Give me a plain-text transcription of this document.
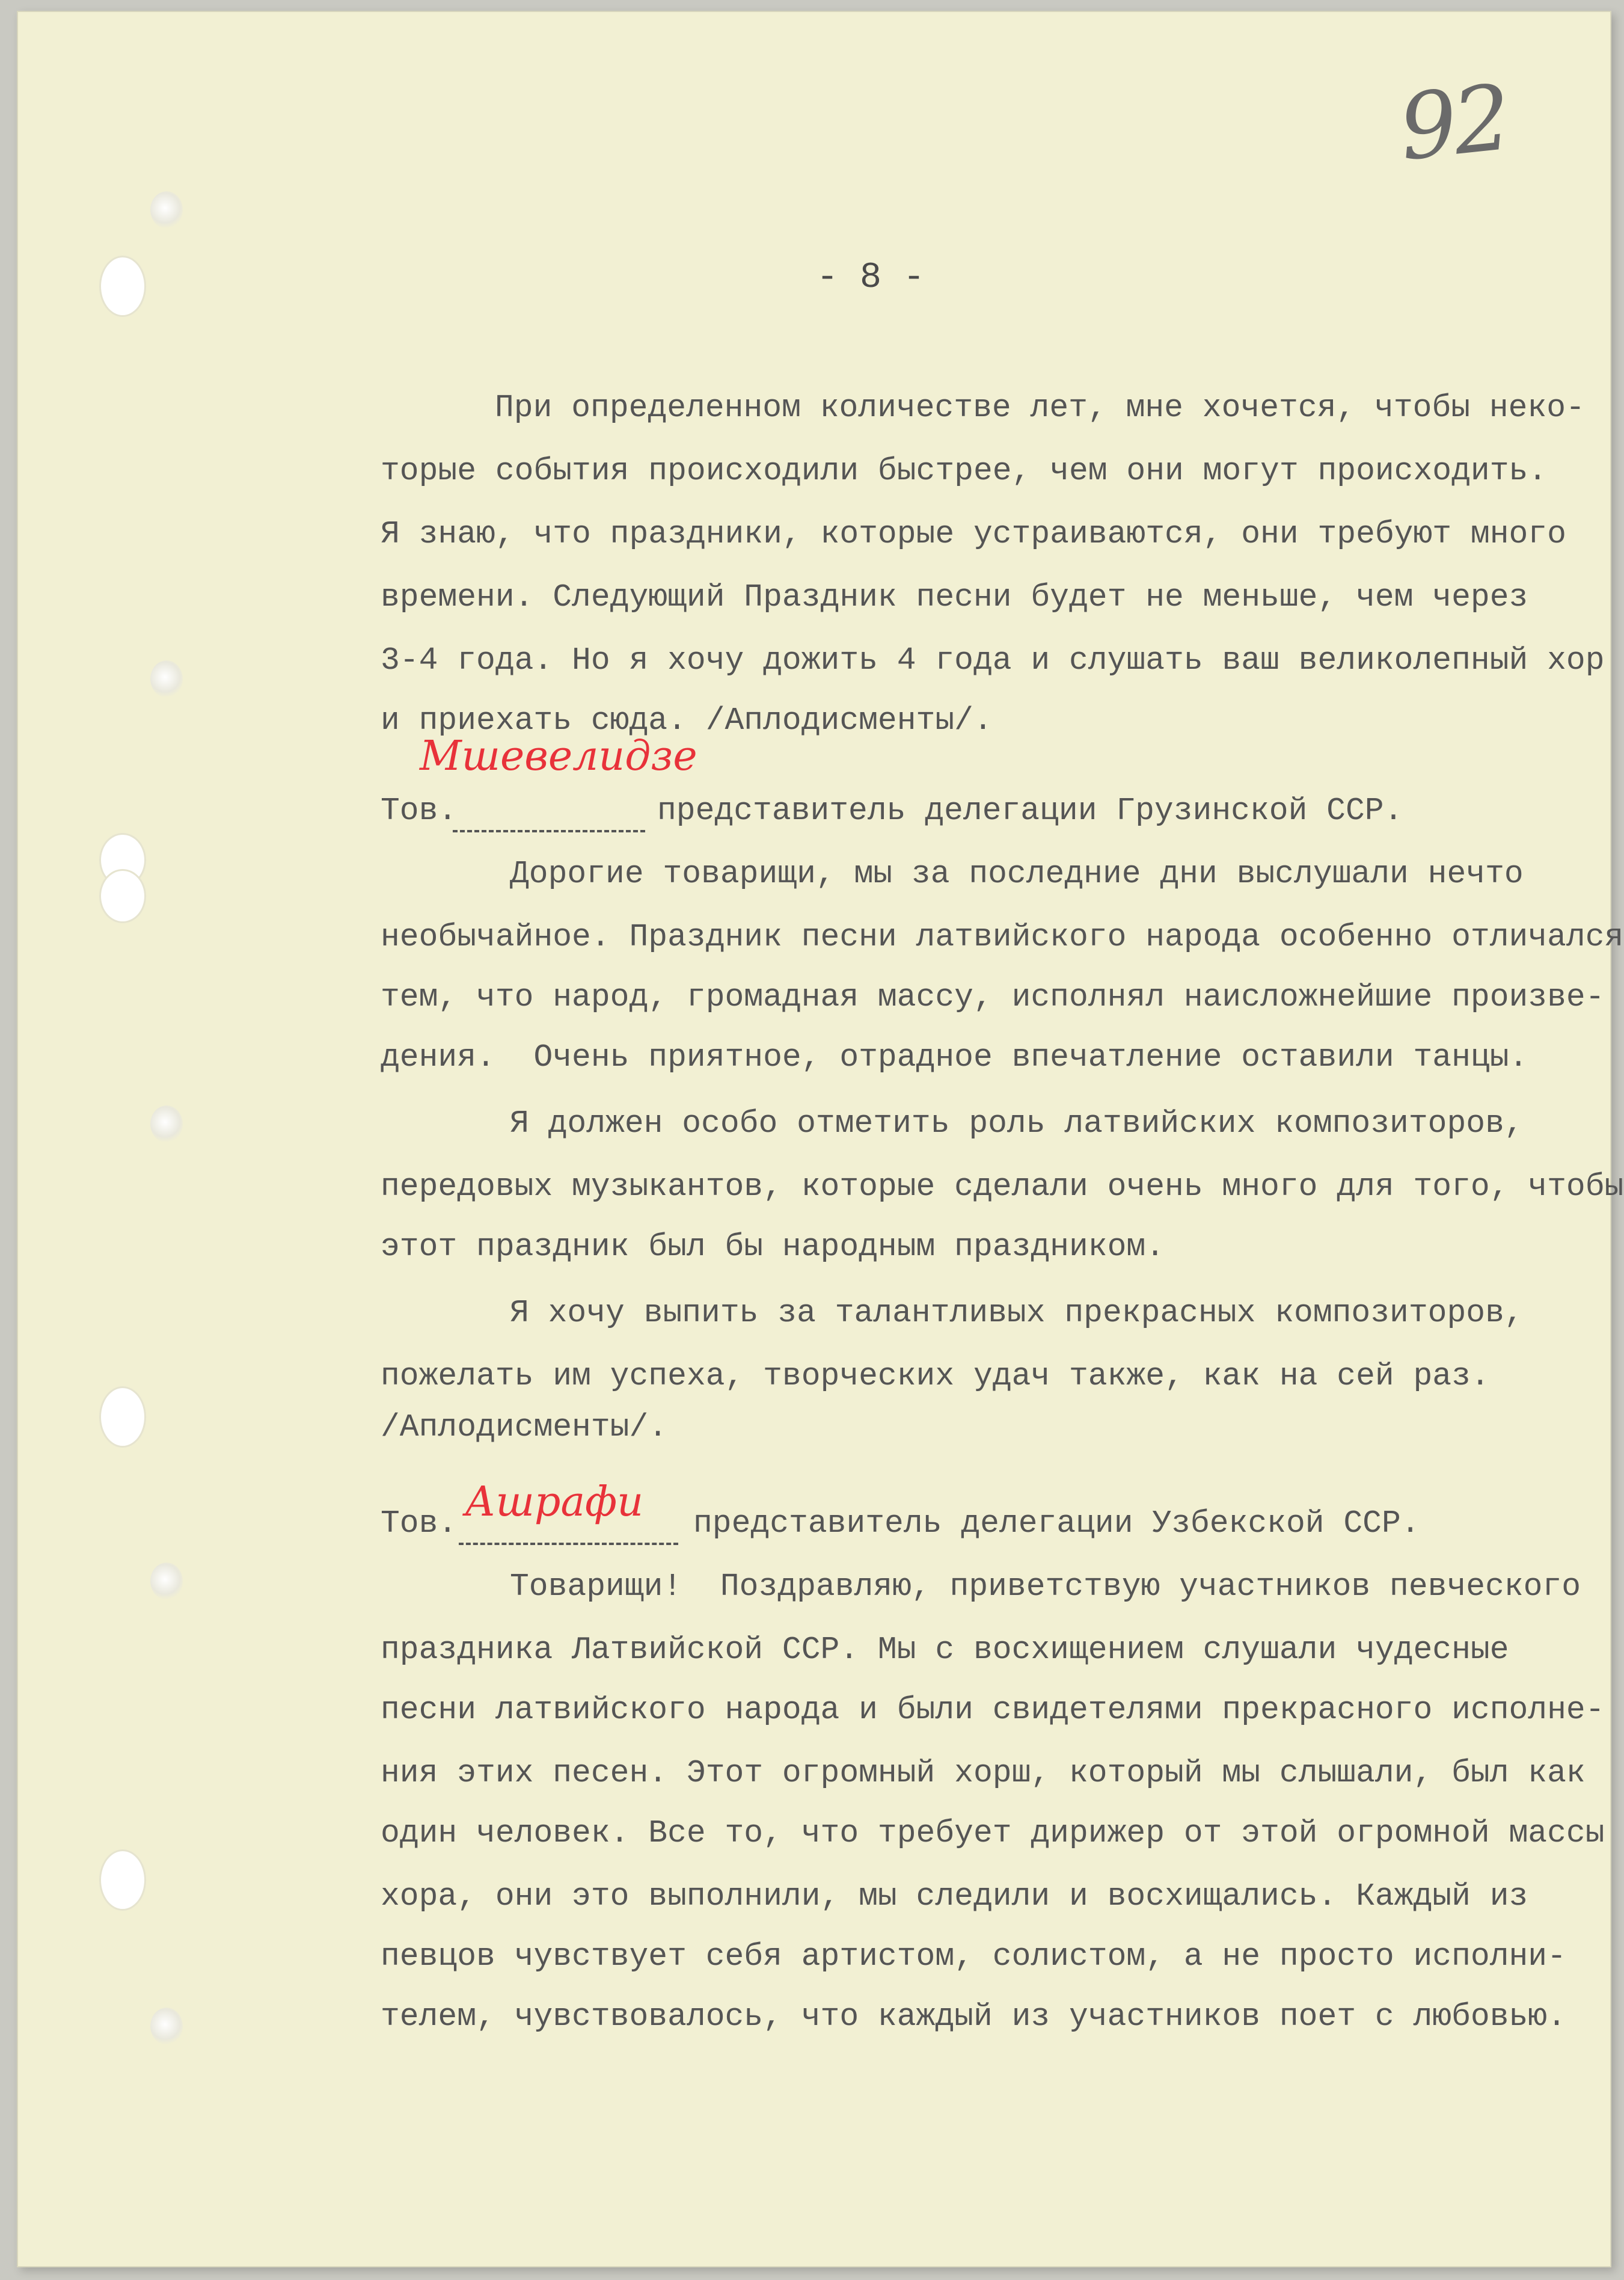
92
- 8 -
При определенном количестве лет, мне хочется, чтобы неко-
торые события происходили быстрее, чем они могут происходить.
Я знаю, что праздники, которые устраиваются, они требуют много
времени. Следующий Праздник песни будет не меньше, чем через
3-4 года. Но я хочу дожить 4 года и слушать ваш великолепный хор
и приехать сюда. /Аплодисменты/.
Тов.
Мшевелидзе
представитель делегации Грузинской ССР.
Дорогие товарищи, мы за последние дни выслушали нечто
необычайное. Праздник песни латвийского народа особенно отличался
тем, что народ, громадная массу, исполнял наисложнейшие произве-
дения.  Очень приятное, отрадное впечатление оставили танцы.
Я должен особо отметить роль латвийских композиторов,
передовых музыкантов, которые сделали очень много для того, чтобы
этот праздник был бы народным праздником.
Я хочу выпить за талантливых прекрасных композиторов,
пожелать им успеха, творческих удач также, как на сей раз.
/Аплодисменты/.
Тов. Ашрафи представитель делегации Узбекской ССР.
Товарищи!  Поздравляю, приветствую участников певческого
праздника Латвийской ССР. Мы с восхищением слушали чудесные
песни латвийского народа и были свидетелями прекрасного исполне-
ния этих песен. Этот огромный хорш, который мы слышали, был как
один человек. Все то, что требует дирижер от этой огромной массы
хора, они это выполнили, мы следили и восхищались. Каждый из
певцов чувствует себя артистом, солистом, а не просто исполни-
телем, чувствовалось, что каждый из участников поет с любовью.
